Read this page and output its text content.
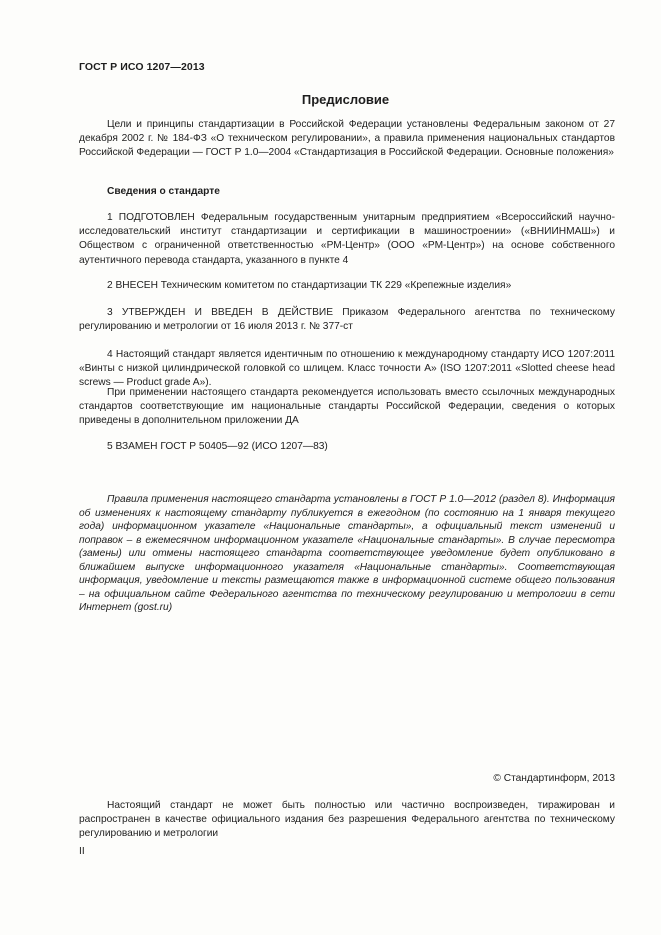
ГОСТ Р ИСО 1207—2013
Предисловие

Цели и принципы стандартизации в Российской Федерации установлены Федеральным законом от 27 декабря 2002 г. № 184-ФЗ «О техническом регулировании», а правила применения национальных стандартов Российской Федерации — ГОСТ Р 1.0—2004 «Стандартизация в Российской Федерации. Основные положения»

Сведения о стандарте

1 ПОДГОТОВЛЕН Федеральным государственным унитарным предприятием «Всероссийский научно-исследовательский институт стандартизации и сертификации в машиностроении» («ВНИИНМАШ») и Обществом с ограниченной ответственностью «РМ-Центр» (ООО «РМ-Центр») на основе собственного аутентичного перевода стандарта, указанного в пункте 4

2 ВНЕСЕН Техническим комитетом по стандартизации ТК 229 «Крепежные изделия»

3 УТВЕРЖДЕН И ВВЕДЕН В ДЕЙСТВИЕ Приказом Федерального агентства по техническому регулированию и метрологии от 16 июля 2013 г. № 377-ст

4 Настоящий стандарт является идентичным по отношению к международному стандарту ИСО 1207:2011 «Винты с низкой цилиндрической головкой со шлицем. Класс точности А» (ISO 1207:2011 «Slotted cheese head screws — Product grade A»).

При применении настоящего стандарта рекомендуется использовать вместо ссылочных международных стандартов соответствующие им национальные стандарты Российской Федерации, сведения о которых приведены в дополнительном приложении ДА

5 ВЗАМЕН ГОСТ Р 50405—92 (ИСО 1207—83)

Правила применения настоящего стандарта установлены в ГОСТ Р 1.0—2012 (раздел 8). Информация об изменениях к настоящему стандарту публикуется в ежегодном (по состоянию на 1 января текущего года) информационном указателе «Национальные стандарты», а официальный текст изменений и поправок – в ежемесячном информационном указателе «Национальные стандарты». В случае пересмотра (замены) или отмены настоящего стандарта соответствующее уведомление будет опубликовано в ближайшем выпуске информационного указателя «Национальные стандарты». Соответствующая информация, уведомление и тексты размещаются также в информационной системе общего пользования – на официальном сайте Федерального агентства по техническому регулированию и метрологии в сети Интернет (gost.ru)

© Стандартинформ, 2013

Настоящий стандарт не может быть полностью или частично воспроизведен, тиражирован и распространен в качестве официального издания без разрешения Федерального агентства по техническому регулированию и метрологии

II
